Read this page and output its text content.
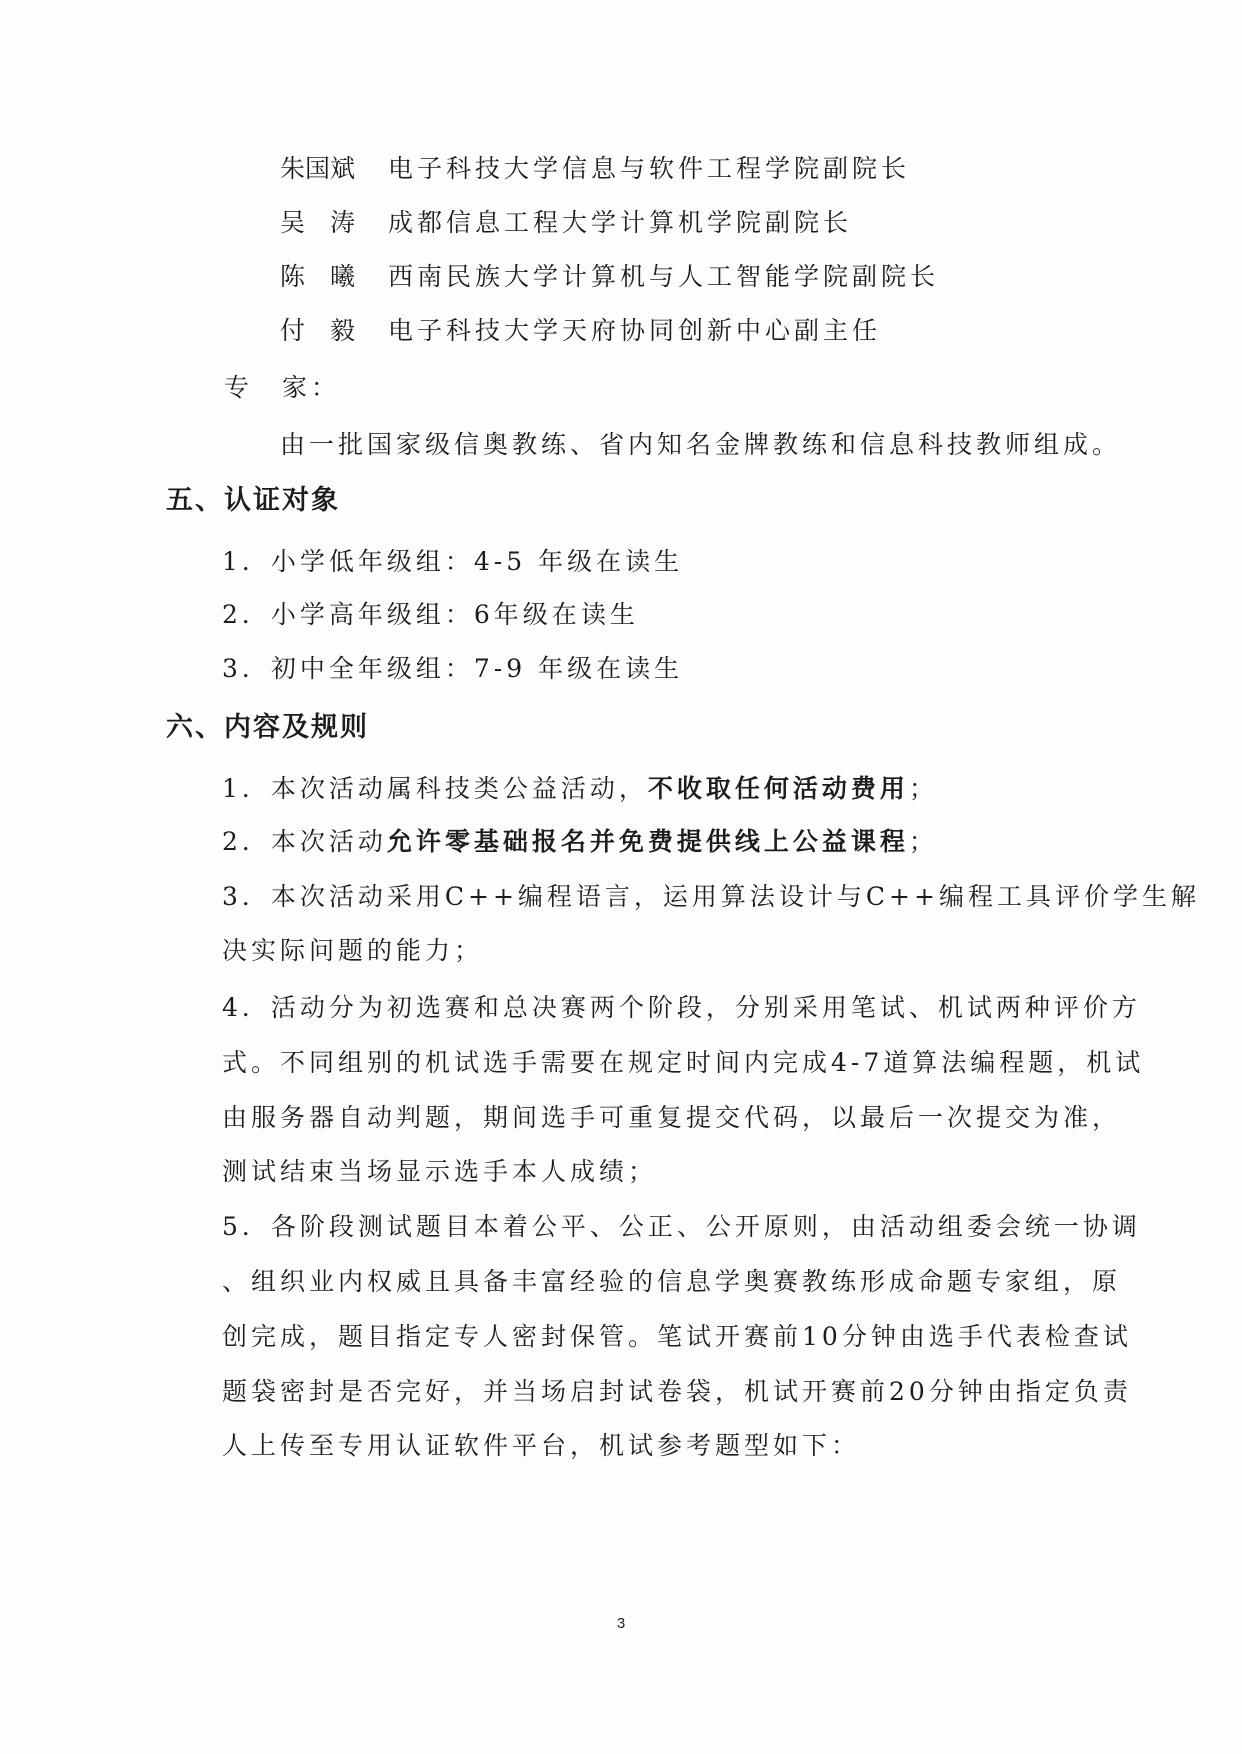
朱国斌 电子科技大学信息与软件工程学院副院长
吴　涛 成都信息工程大学计算机学院副院长
陈　曦 西南民族大学计算机与人工智能学院副院长
付　毅 电子科技大学天府协同创新中心副主任
专　家：
由一批国家级信奥教练、省内知名金牌教练和信息科技教师组成。
五、认证对象
1．小学低年级组：4-5 年级在读生
2．小学高年级组：6年级在读生
3．初中全年级组：7-9 年级在读生
六、内容及规则
1．本次活动属科技类公益活动，不收取任何活动费用；
2．本次活动允许零基础报名并免费提供线上公益课程；
3．本次活动采用C++编程语言，运用算法设计与C++编程工具评价学生解
决实际问题的能力；
4．活动分为初选赛和总决赛两个阶段，分别采用笔试、机试两种评价方
式。不同组别的机试选手需要在规定时间内完成4-7道算法编程题，机试
由服务器自动判题，期间选手可重复提交代码，以最后一次提交为准，
测试结束当场显示选手本人成绩；
5．各阶段测试题目本着公平、公正、公开原则，由活动组委会统一协调
、组织业内权威且具备丰富经验的信息学奥赛教练形成命题专家组，原
创完成，题目指定专人密封保管。笔试开赛前10分钟由选手代表检查试
题袋密封是否完好，并当场启封试卷袋，机试开赛前20分钟由指定负责
人上传至专用认证软件平台，机试参考题型如下：
3
